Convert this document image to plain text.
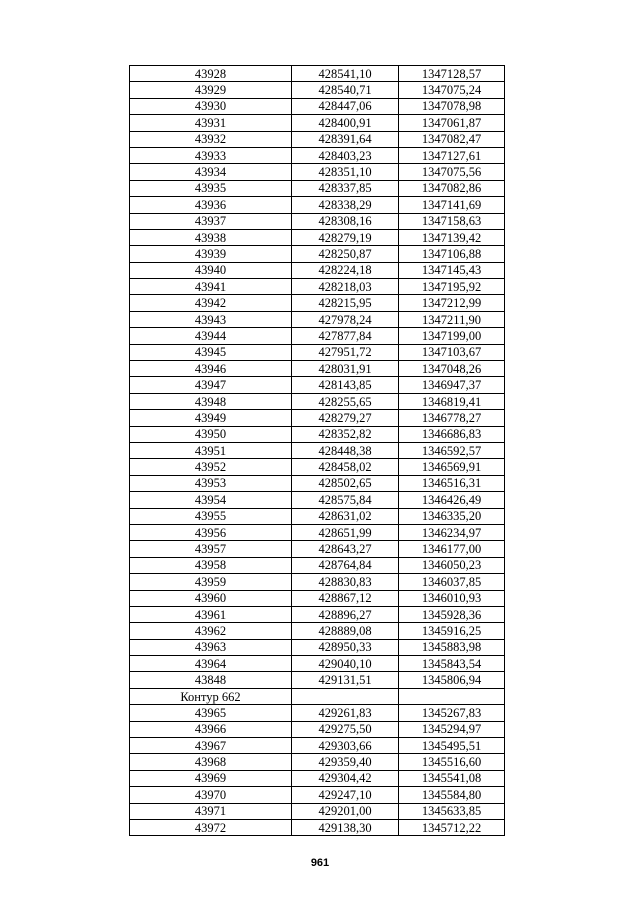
43928	428541,10	1347128,57
43929	428540,71	1347075,24
43930	428447,06	1347078,98
43931	428400,91	1347061,87
43932	428391,64	1347082,47
43933	428403,23	1347127,61
43934	428351,10	1347075,56
43935	428337,85	1347082,86
43936	428338,29	1347141,69
43937	428308,16	1347158,63
43938	428279,19	1347139,42
43939	428250,87	1347106,88
43940	428224,18	1347145,43
43941	428218,03	1347195,92
43942	428215,95	1347212,99
43943	427978,24	1347211,90
43944	427877,84	1347199,00
43945	427951,72	1347103,67
43946	428031,91	1347048,26
43947	428143,85	1346947,37
43948	428255,65	1346819,41
43949	428279,27	1346778,27
43950	428352,82	1346686,83
43951	428448,38	1346592,57
43952	428458,02	1346569,91
43953	428502,65	1346516,31
43954	428575,84	1346426,49
43955	428631,02	1346335,20
43956	428651,99	1346234,97
43957	428643,27	1346177,00
43958	428764,84	1346050,23
43959	428830,83	1346037,85
43960	428867,12	1346010,93
43961	428896,27	1345928,36
43962	428889,08	1345916,25
43963	428950,33	1345883,98
43964	429040,10	1345843,54
43848	429131,51	1345806,94
Контур 662		
43965	429261,83	1345267,83
43966	429275,50	1345294,97
43967	429303,66	1345495,51
43968	429359,40	1345516,60
43969	429304,42	1345541,08
43970	429247,10	1345584,80
43971	429201,00	1345633,85
43972	429138,30	1345712,22
961
